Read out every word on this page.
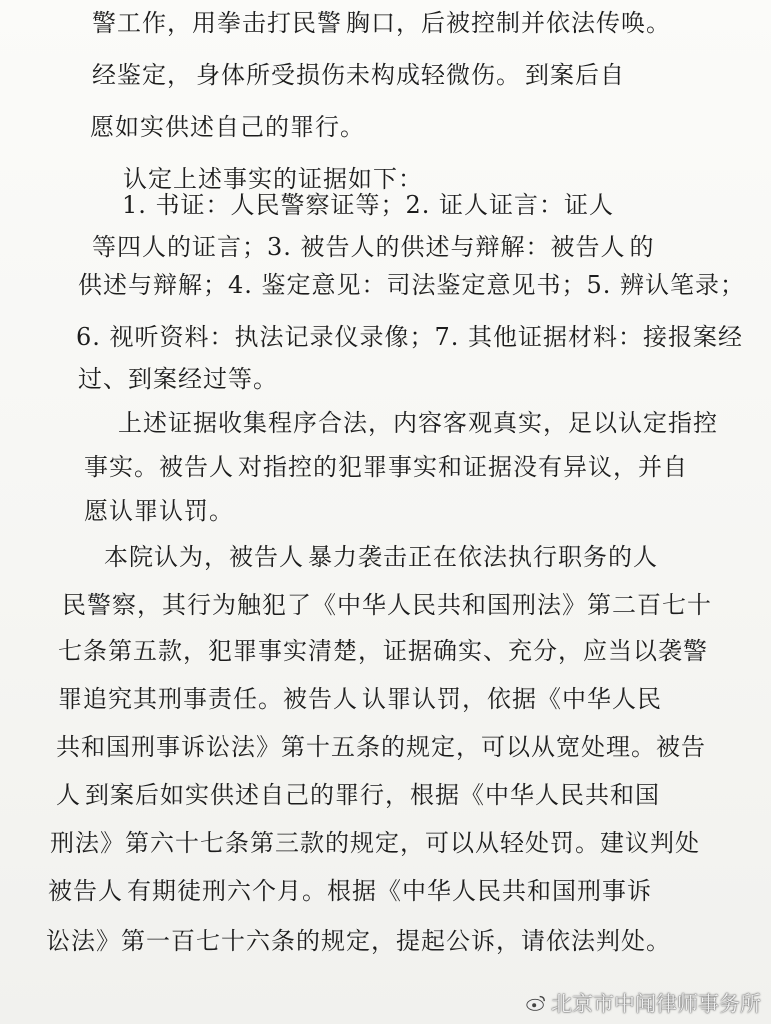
警工作，用拳击打民警 胸口，后被控制并依法传唤。
经鉴定， 身体所受损伤未构成轻微伤。 到案后自
愿如实供述自己的罪行。
认定上述事实的证据如下：
1. 书证：人民警察证等；2. 证人证言：证人
等四人的证言；3. 被告人的供述与辩解：被告人 的
供述与辩解；4. 鉴定意见：司法鉴定意见书；5. 辨认笔录；
6. 视听资料：执法记录仪录像；7. 其他证据材料：接报案经
过、到案经过等。
上述证据收集程序合法，内容客观真实，足以认定指控
事实。被告人 对指控的犯罪事实和证据没有异议，并自
愿认罪认罚。
本院认为，被告人 暴力袭击正在依法执行职务的人
民警察，其行为触犯了《中华人民共和国刑法》第二百七十
七条第五款，犯罪事实清楚，证据确实、充分，应当以袭警
罪追究其刑事责任。被告人 认罪认罚，依据《中华人民
共和国刑事诉讼法》第十五条的规定，可以从宽处理。被告
人 到案后如实供述自己的罪行，根据《中华人民共和国
刑法》第六十七条第三款的规定，可以从轻处罚。建议判处
被告人 有期徒刑六个月。根据《中华人民共和国刑事诉
讼法》第一百七十六条的规定，提起公诉，请依法判处。
北京市中闻律师事务所
